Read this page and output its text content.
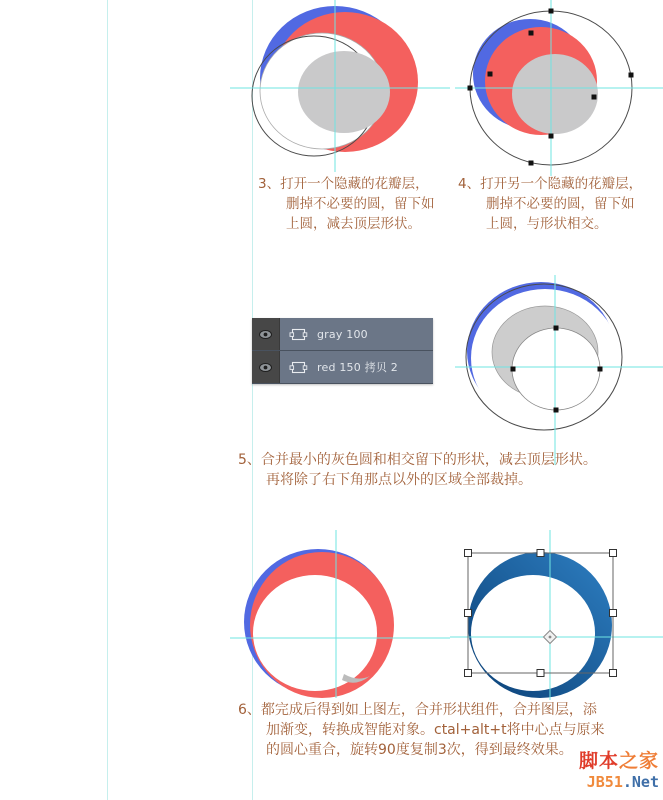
3、打开一个隐藏的花瓣层，
删掉不必要的圆，留下如
上圆，减去顶层形状。
4、打开另一个隐藏的花瓣层，
删掉不必要的圆，留下如
上圆，与形状相交。
5、合并最小的灰色圆和相交留下的形状，减去顶层形状。
再将除了右下角那点以外的区域全部裁掉。
6、都完成后得到如上图左，合并形状组件，合并图层，添
加渐变，转换成智能对象。ctal+alt+t将中心点与原来
的圆心重合，旋转90度复制3次，得到最终效果。
gray 100
red 150 拷贝 2
脚本之家
JB51.Net
